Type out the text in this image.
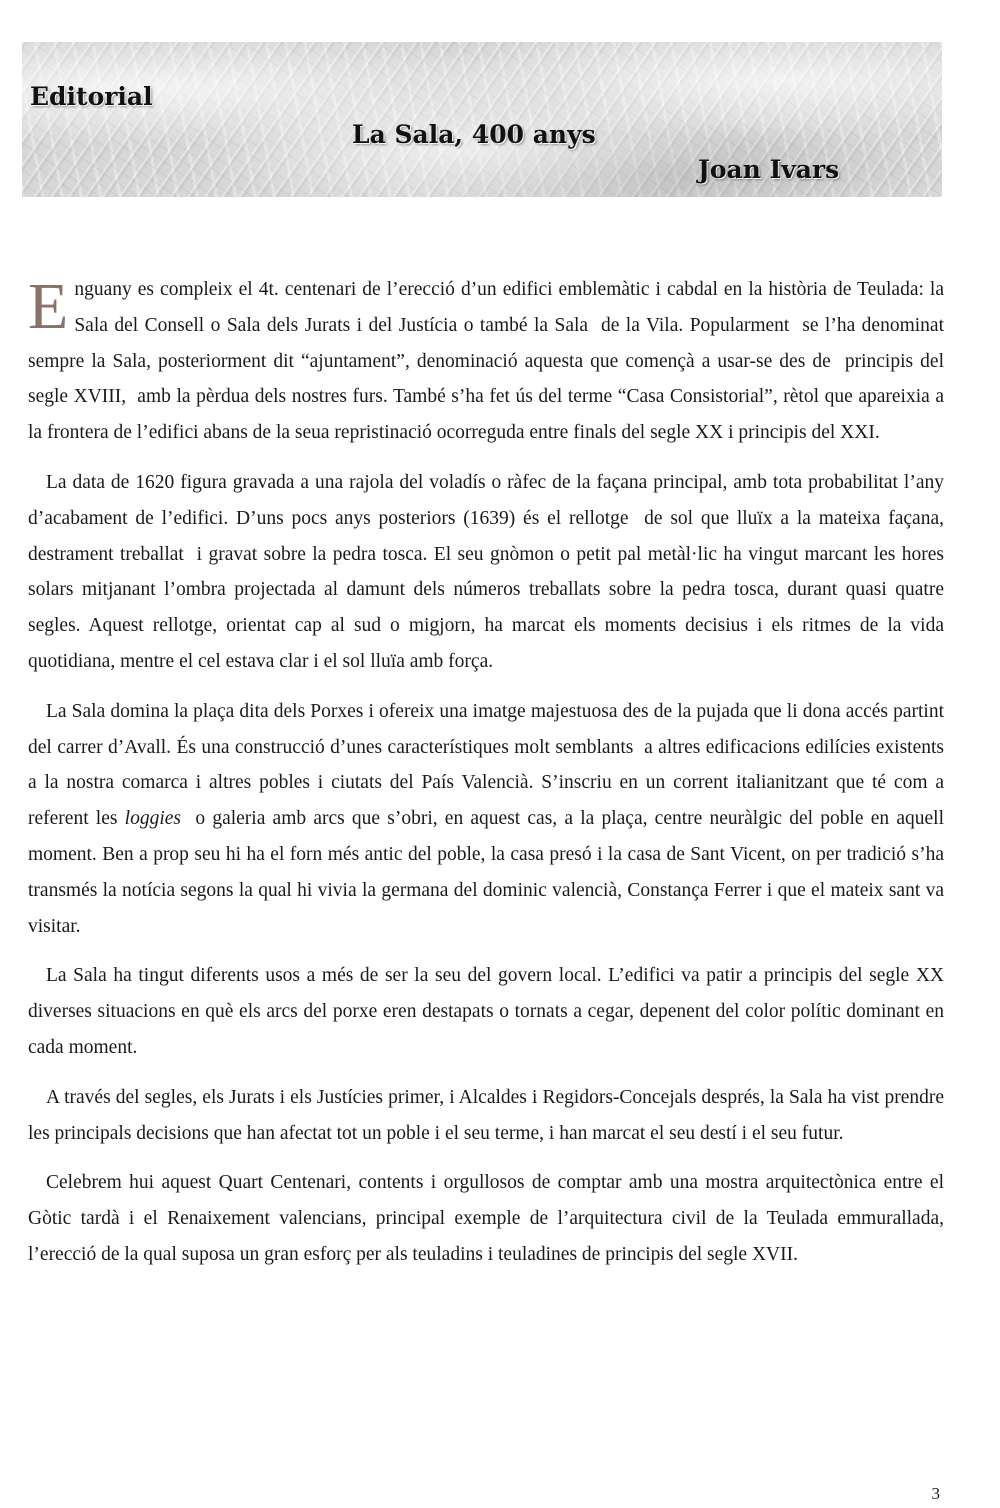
Editorial
La Sala, 400 anys
Joan Ivars

Enguany es compleix el 4t. centenari de l’erecció d’un edifici emblemàtic i cabdal en la història de Teulada: la Sala del Consell o Sala dels Jurats i del Justícia o també la Sala  de la Vila. Popularment  se l’ha denominat sempre la Sala, posteriorment dit “ajuntament”, denominació aquesta que començà a usar-se des de  principis del segle XVIII,  amb la pèrdua dels nostres furs. També s’ha fet ús del terme “Casa Consistorial”, rètol que apareixia a la frontera de l’edifici abans de la seua repristinació ocorreguda entre finals del segle XX i principis del XXI.

La data de 1620 figura gravada a una rajola del voladís o ràfec de la façana principal, amb tota probabilitat l’any d’acabament de l’edifici. D’uns pocs anys posteriors (1639) és el rellotge  de sol que lluïx a la mateixa façana, destrament treballat  i gravat sobre la pedra tosca. El seu gnòmon o petit pal metàl·lic ha vingut marcant les hores solars mitjanant l’ombra projectada al damunt dels números treballats sobre la pedra tosca, durant quasi quatre segles. Aquest rellotge, orientat cap al sud o migjorn, ha marcat els moments decisius i els ritmes de la vida quotidiana, mentre el cel estava clar i el sol lluïa amb força.

La Sala domina la plaça dita dels Porxes i ofereix una imatge majestuosa des de la pujada que li dona accés partint del carrer d’Avall. És una construcció d’unes característiques molt semblants  a altres edificacions edilícies existents a la nostra comarca i altres pobles i ciutats del País Valencià. S’inscriu en un corrent italianitzant que té com a referent les loggies  o galeria amb arcs que s’obri, en aquest cas, a la plaça, centre neuràlgic del poble en aquell moment. Ben a prop seu hi ha el forn més antic del poble, la casa presó i la casa de Sant Vicent, on per tradició s’ha transmés la notícia segons la qual hi vivia la germana del dominic valencià, Constança Ferrer i que el mateix sant va visitar.

La Sala ha tingut diferents usos a més de ser la seu del govern local. L’edifici va patir a principis del segle XX diverses situacions en què els arcs del porxe eren destapats o tornats a cegar, depenent del color polític dominant en cada moment.

A través del segles, els Jurats i els Justícies primer, i Alcaldes i Regidors-Concejals després, la Sala ha vist prendre les principals decisions que han afectat tot un poble i el seu terme, i han marcat el seu destí i el seu futur.

Celebrem hui aquest Quart Centenari, contents i orgullosos de comptar amb una mostra arquitectònica entre el Gòtic tardà i el Renaixement valencians, principal exemple de l’arquitectura civil de la Teulada emmurallada, l’erecció de la qual suposa un gran esforç per als teuladins i teuladines de principis del segle XVII.

3
